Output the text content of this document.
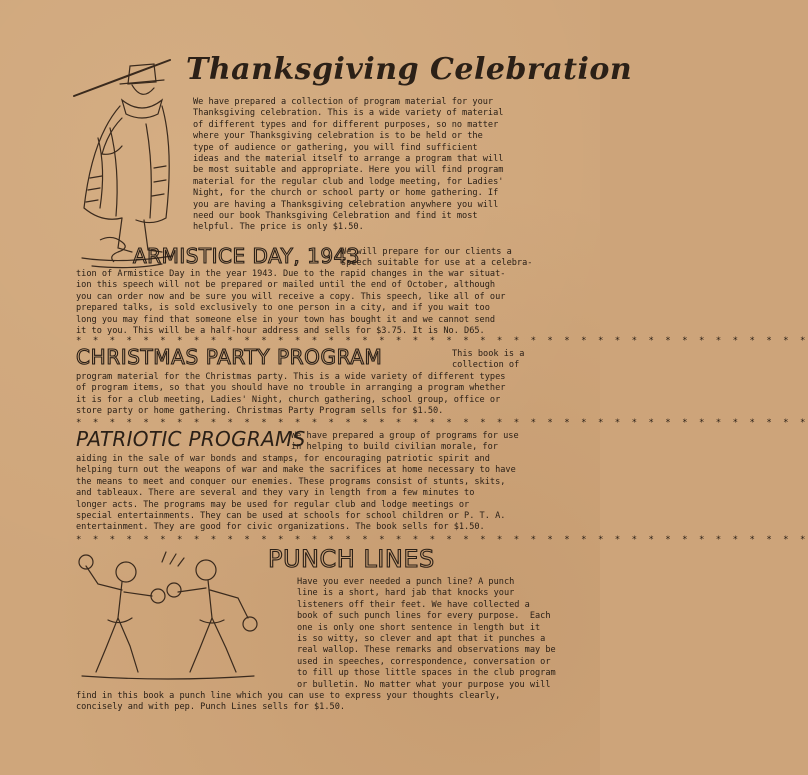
Thanksgiving Celebration
We have prepared a collection of program material for your
Thanksgiving celebration. This is a wide variety of material
of different types and for different purposes, so no matter
where your Thanksgiving celebration is to be held or the
type of audience or gathering, you will find sufficient
ideas and the material itself to arrange a program that will
be most suitable and appropriate. Here you will find program
material for the regular club and lodge meeting, for Ladies'
Night, for the church or school party or home gathering. If
you are having a Thanksgiving celebration anywhere you will
need our book Thanksgiving Celebration and find it most
helpful. The price is only $1.50.
ARMISTICE DAY, 1943
We will prepare for our clients a
speech suitable for use at a celebra-
tion of Armistice Day in the year 1943. Due to the rapid changes in the war situat-
ion this speech will not be prepared or mailed until the end of October, although
you can order now and be sure you will receive a copy. This speech, like all of our
prepared talks, is sold exclusively to one person in a city, and if you wait too
long you may find that someone else in your town has bought it and we cannot send
it to you. This will be a half-hour address and sells for $3.75. It is No. D65.
* * * * * * * * * * * * * * * * * * * * * * * * * * * * * * * * * * * * * * * * * * * *
CHRISTMAS PARTY PROGRAM	This book is a
collection of
program material for the Christmas party. This is a wide variety of different types
of program items, so that you should have no trouble in arranging a program whether
it is for a club meeting, Ladies' Night, church gathering, school group, office or
store party or home gathering. Christmas Party Program sells for $1.50.
* * * * * * * * * * * * * * * * * * * * * * * * * * * * * * * * * * * * * * * * * * * *
PATRIOTIC PROGRAMS
We have prepared a group of programs for use
in helping to build civilian morale, for
aiding in the sale of war bonds and stamps, for encouraging patriotic spirit and
helping turn out the weapons of war and make the sacrifices at home necessary to have
the means to meet and conquer our enemies. These programs consist of stunts, skits,
and tableaux. There are several and they vary in length from a few minutes to
longer acts. The programs may be used for regular club and lodge meetings or
special entertainments. They can be used at schools for school children or P. T. A.
entertainment. They are good for civic organizations. The book sells for $1.50.
* * * * * * * * * * * * * * * * * * * * * * * * * * * * * * * * * * * * * * * * * * * *
PUNCH LINES
Have you ever needed a punch line? A punch
line is a short, hard jab that knocks your
listeners off their feet. We have collected a
book of such punch lines for every purpose.  Each
one is only one short sentence in length but it
is so witty, so clever and apt that it punches a
real wallop. These remarks and observations may be
used in speeches, correspondence, conversation or
to fill up those little spaces in the club program
or bulletin. No matter what your purpose you will
find in this book a punch line which you can use to express your thoughts clearly,
concisely and with pep. Punch Lines sells for $1.50.
